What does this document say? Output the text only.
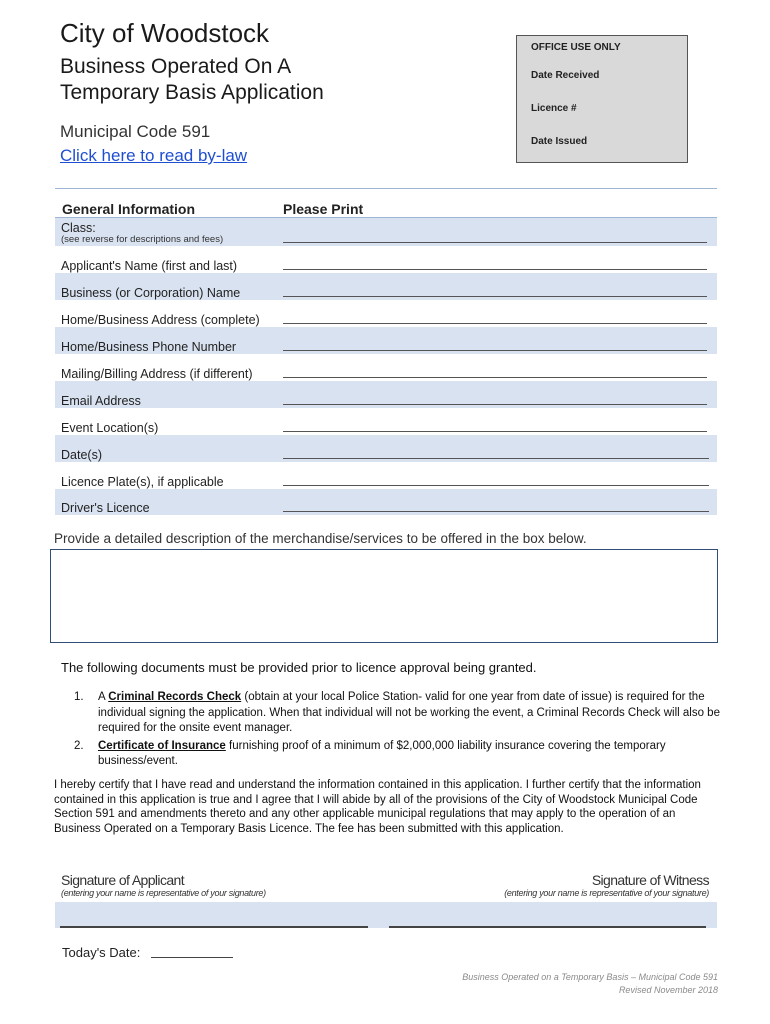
City of Woodstock
Business Operated On A
Temporary Basis Application
Municipal Code 591
Click here to read by-law
OFFICE USE ONLY
Date Received
Licence #
Date Issued
General Information	Please Print
Class:
(see reverse for descriptions and fees)
Applicant's Name (first and last)
Business (or Corporation) Name
Home/Business Address (complete)
Home/Business Phone Number
Mailing/Billing Address (if different)
Email Address
Event Location(s)
Date(s)
Licence Plate(s), if applicable
Driver's Licence
Provide a detailed description of the merchandise/services to be offered in the box below.
The following documents must be provided prior to licence approval being granted.
1. A Criminal Records Check (obtain at your local Police Station- valid for one year from date of issue) is required for the individual signing the application. When that individual will not be working the event, a Criminal Records Check will also be required for the onsite event manager.
2. Certificate of Insurance furnishing proof of a minimum of $2,000,000 liability insurance covering the temporary business/event.
I hereby certify that I have read and understand the information contained in this application. I further certify that the information contained in this application is true and I agree that I will abide by all of the provisions of the City of Woodstock Municipal Code Section 591 and amendments thereto and any other applicable municipal regulations that may apply to the operation of an Business Operated on a Temporary Basis Licence. The fee has been submitted with this application.
Signature of Applicant
(entering your name is representative of your signature)
Signature of Witness
(entering your name is representative of your signature)
Today's Date:
Business Operated on a Temporary Basis – Municipal Code 591
Revised November 2018
